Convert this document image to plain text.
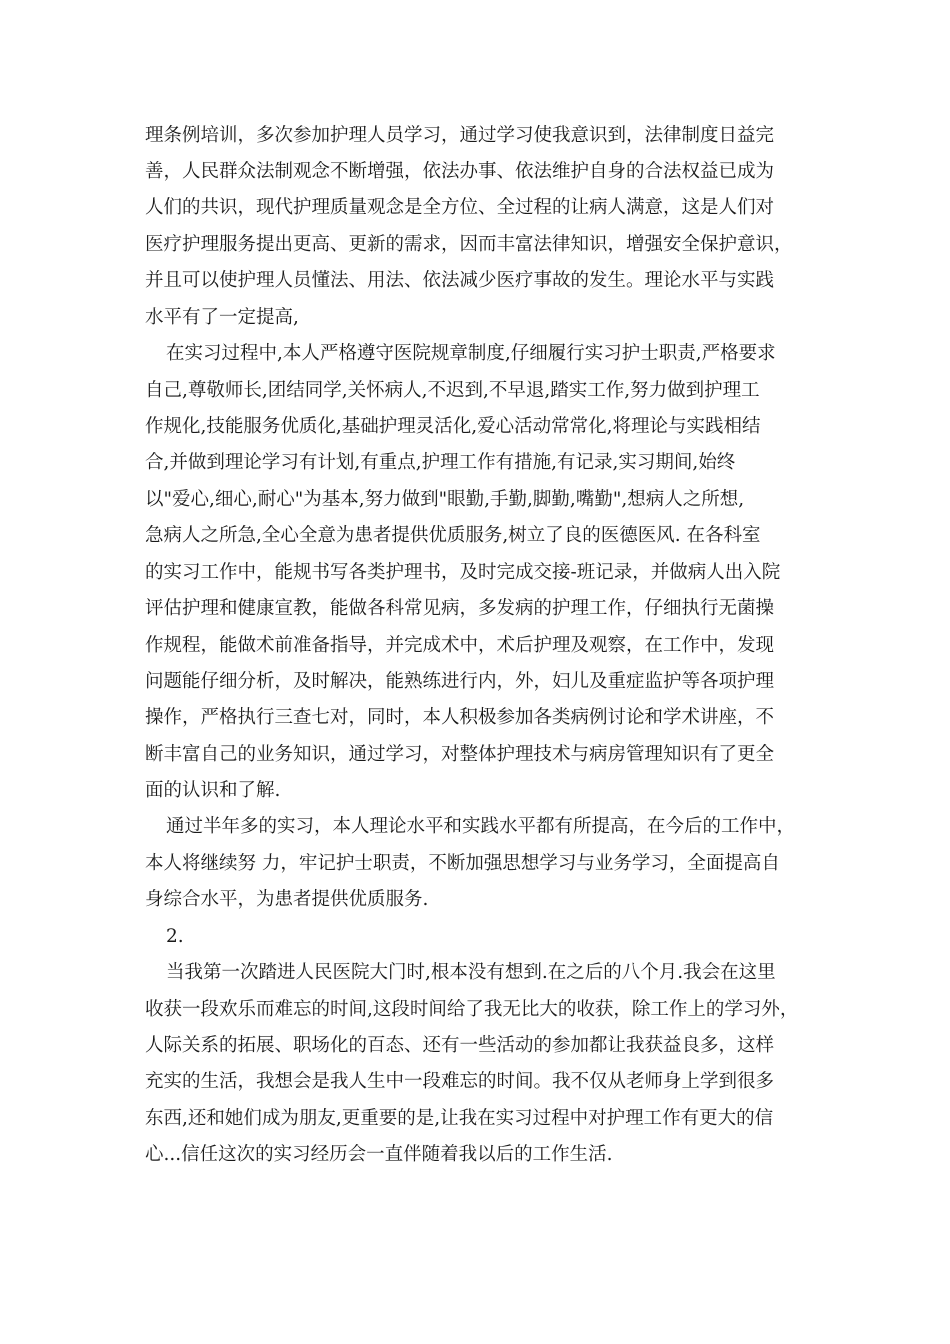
理条例培训，多次参加护理人员学习，通过学习使我意识到，法律制度日益完
善，人民群众法制观念不断增强，依法办事、依法维护自身的合法权益已成为
人们的共识，现代护理质量观念是全方位、全过程的让病人满意，这是人们对
医疗护理服务提出更高、更新的需求，因而丰富法律知识，增强安全保护意识，
并且可以使护理人员懂法、用法、依法减少医疗事故的发生。理论水平与实践
水平有了一定提高,
在实习过程中,本人严格遵守医院规章制度,仔细履行实习护士职责,严格要求
自己,尊敬师长,团结同学,关怀病人,不迟到,不早退,踏实工作,努力做到护理工
作规化,技能服务优质化,基础护理灵活化,爱心活动常常化,将理论与实践相结
合,并做到理论学习有计划,有重点,护理工作有措施,有记录,实习期间,始终
以"爱心,细心,耐心"为基本,努力做到"眼勤,手勤,脚勤,嘴勤",想病人之所想,
急病人之所急,全心全意为患者提供优质服务,树立了良的医德医风. 在各科室
的实习工作中，能规书写各类护理书，及时完成交接-班记录，并做病人出入院
评估护理和健康宣教，能做各科常见病，多发病的护理工作，仔细执行无菌操
作规程，能做术前准备指导，并完成术中，术后护理及观察，在工作中，发现
问题能仔细分析，及时解决，能熟练进行内，外，妇儿及重症监护等各项护理
操作，严格执行三查七对，同时，本人积极参加各类病例讨论和学术讲座，不
断丰富自己的业务知识，通过学习，对整体护理技术与病房管理知识有了更全
面的认识和了解.
通过半年多的实习，本人理论水平和实践水平都有所提高，在今后的工作中，
本人将继续努 力，牢记护士职责，不断加强思想学习与业务学习，全面提高自
身综合水平，为患者提供优质服务.
2.
当我第一次踏进人民医院大门时,根本没有想到.在之后的八个月.我会在这里
收获一段欢乐而难忘的时间,这段时间给了我无比大的收获，除工作上的学习外，
人际关系的拓展、职场化的百态、还有一些活动的参加都让我获益良多，这样
充实的生活，我想会是我人生中一段难忘的时间。我不仅从老师身上学到很多
东西,还和她们成为朋友,更重要的是,让我在实习过程中对护理工作有更大的信
心...信任这次的实习经历会一直伴随着我以后的工作生活.
